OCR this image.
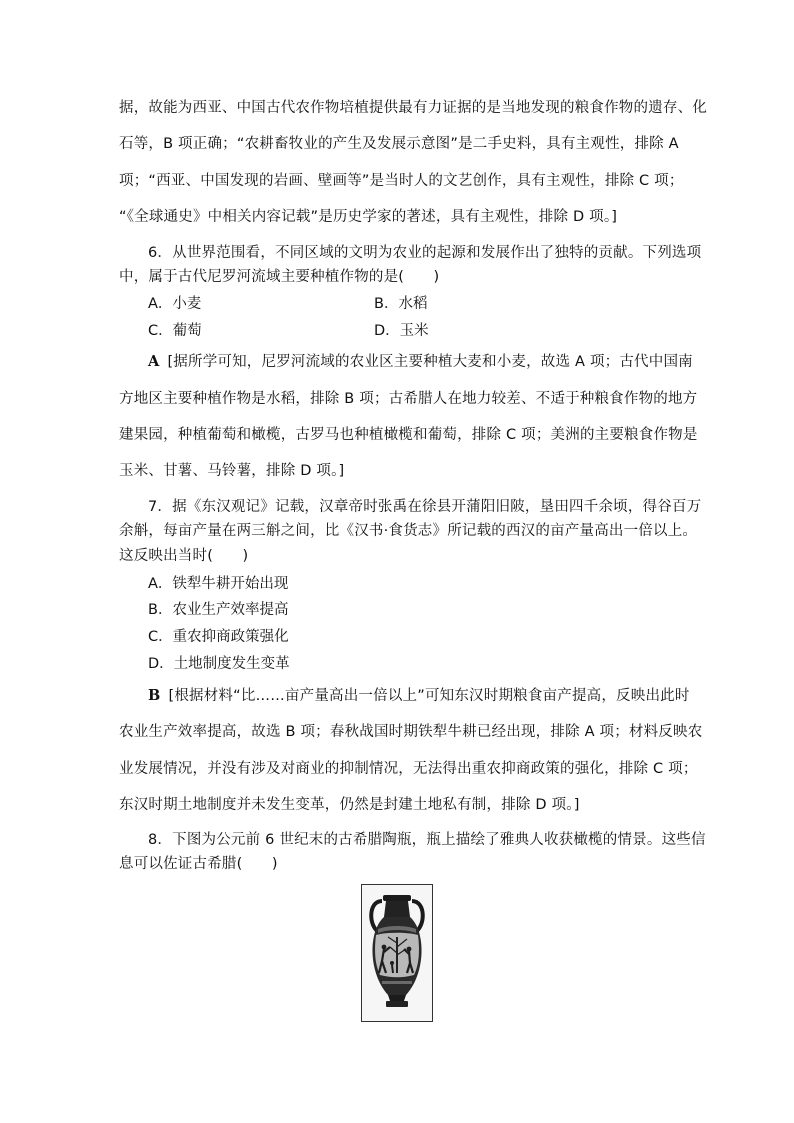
据，故能为西亚、中国古代农作物培植提供最有力证据的是当地发现的粮食作物的遗存、化
石等，B 项正确；“农耕畜牧业的产生及发展示意图”是二手史料，具有主观性，排除 A
项；“西亚、中国发现的岩画、壁画等”是当时人的文艺创作，具有主观性，排除 C 项；
“《全球通史》中相关内容记载”是历史学家的著述，具有主观性，排除 D 项。]
6．从世界范围看，不同区域的文明为农业的起源和发展作出了独特的贡献。下列选项
中，属于古代尼罗河流域主要种植作物的是(　　)
A．小麦	B．水稻
C．葡萄	D．玉米
A [据所学可知，尼罗河流域的农业区主要种植大麦和小麦，故选 A 项；古代中国南
方地区主要种植作物是水稻，排除 B 项；古希腊人在地力较差、不适于种粮食作物的地方
建果园，种植葡萄和橄榄，古罗马也种植橄榄和葡萄，排除 C 项；美洲的主要粮食作物是
玉米、甘薯、马铃薯，排除 D 项。]
7．据《东汉观记》记载，汉章帝时张禹在徐县开蒲阳旧陂，垦田四千余顷，得谷百万
余斛，每亩产量在两三斛之间，比《汉书·食货志》所记载的西汉的亩产量高出一倍以上。
这反映出当时(　　)
A．铁犁牛耕开始出现
B．农业生产效率提高
C．重农抑商政策强化
D．土地制度发生变革
B [根据材料“比……亩产量高出一倍以上”可知东汉时期粮食亩产提高，反映出此时
农业生产效率提高，故选 B 项；春秋战国时期铁犁牛耕已经出现，排除 A 项；材料反映农
业发展情况，并没有涉及对商业的抑制情况，无法得出重农抑商政策的强化，排除 C 项；
东汉时期土地制度并未发生变革，仍然是封建土地私有制，排除 D 项。]
8．下图为公元前 6 世纪末的古希腊陶瓶，瓶上描绘了雅典人收获橄榄的情景。这些信
息可以佐证古希腊(　　)
